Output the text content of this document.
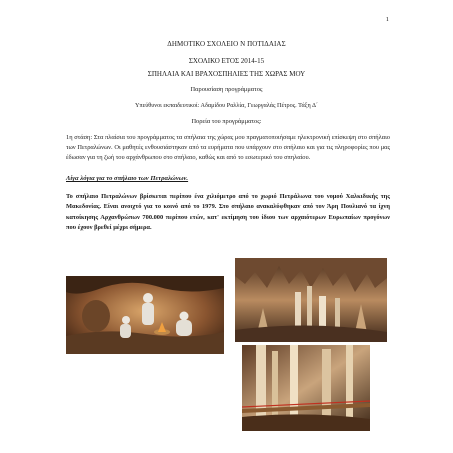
1
ΔΗΜΟΤΙΚΟ ΣΧΟΛΕΙΟ Ν ΠΟΤΙΔΑΙΑΣ
ΣΧΟΛΙΚΟ ΕΤΟΣ 2014-15
ΣΠΗΛΑΙΑ ΚΑΙ ΒΡΑΧΟΣΠΗΛΙΕΣ ΤΗΣ ΧΩΡΑΣ ΜΟΥ
Παρουσίαση προγράμματος
Υπεύθυνοι εκπαιδευτικοί: Αδαμίδου Ραλλία, Γεωργαλάς Πέτρος. Τάξη Δ΄
Πορεία του προγράμματος:
1η στάση: Στα πλαίσια του προγράμματος τα σπήλαια της χώρας μου πραγματοποιήσαμε ηλεκτρονική επίσκεψη στο σπήλαιο των Πετραλώνων. Οι μαθητές ενθουσιάστηκαν από τα ευρήματα που υπάρχουν στο σπήλαιο και για τις πληροφορίες που μας έδωσαν για τη ζωή του αρχάνθρωπου στο σπήλαιο, καθώς και από το εσωτερικό του σπηλαίου.
Λίγα λόγια για το σπήλαιο των Πετραλώνων.
Το σπήλαιο Πετραλώνων βρίσκεται περίπου ένα χιλιόμετρο από το χωριό Πετράλωνα του νομού Χαλκιδικής της Μακεδονίας. Είναι ανοιχτό για το κοινό από το 1979. Στο σπήλαιο ανακαλύφθηκαν από τον Άρη Πουλιανό τα ίχνη κατοίκησης Αρχανθρώπων 700.000 περίπου ετών, κατ' εκτίμηση του ίδιου των αρχαιότερων Ευρωπαίων προγόνων που έχουν βρεθεί μέχρι σήμερα.
